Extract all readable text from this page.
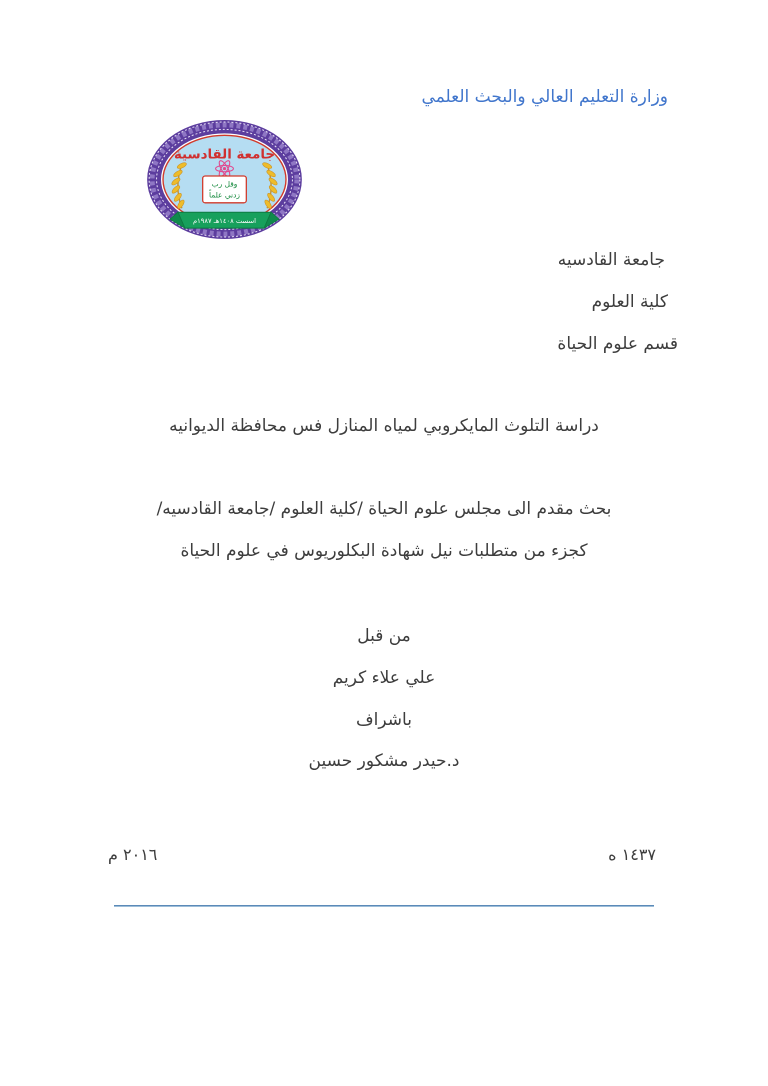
وزارة التعليم العالي والبحث العلمي
جامعة القادسية
وقل رب
زدني علماً
اسست ١٤٠٨هـ ١٩٨٧م
جامعة القادسيه
كلية العلوم
قسم علوم الحياة
دراسة التلوث المايكروبي لمياه المنازل فس محافظة الديوانيه
بحث مقدم الى مجلس علوم الحياة /كلية العلوم /جامعة القادسيه/
كجزء من متطلبات نيل شهادة البكلوريوس في علوم الحياة
من قبل
علي علاء كريم
باشراف
د.حيدر مشكور حسين
١٤٣٧ ه
٢٠١٦ م
